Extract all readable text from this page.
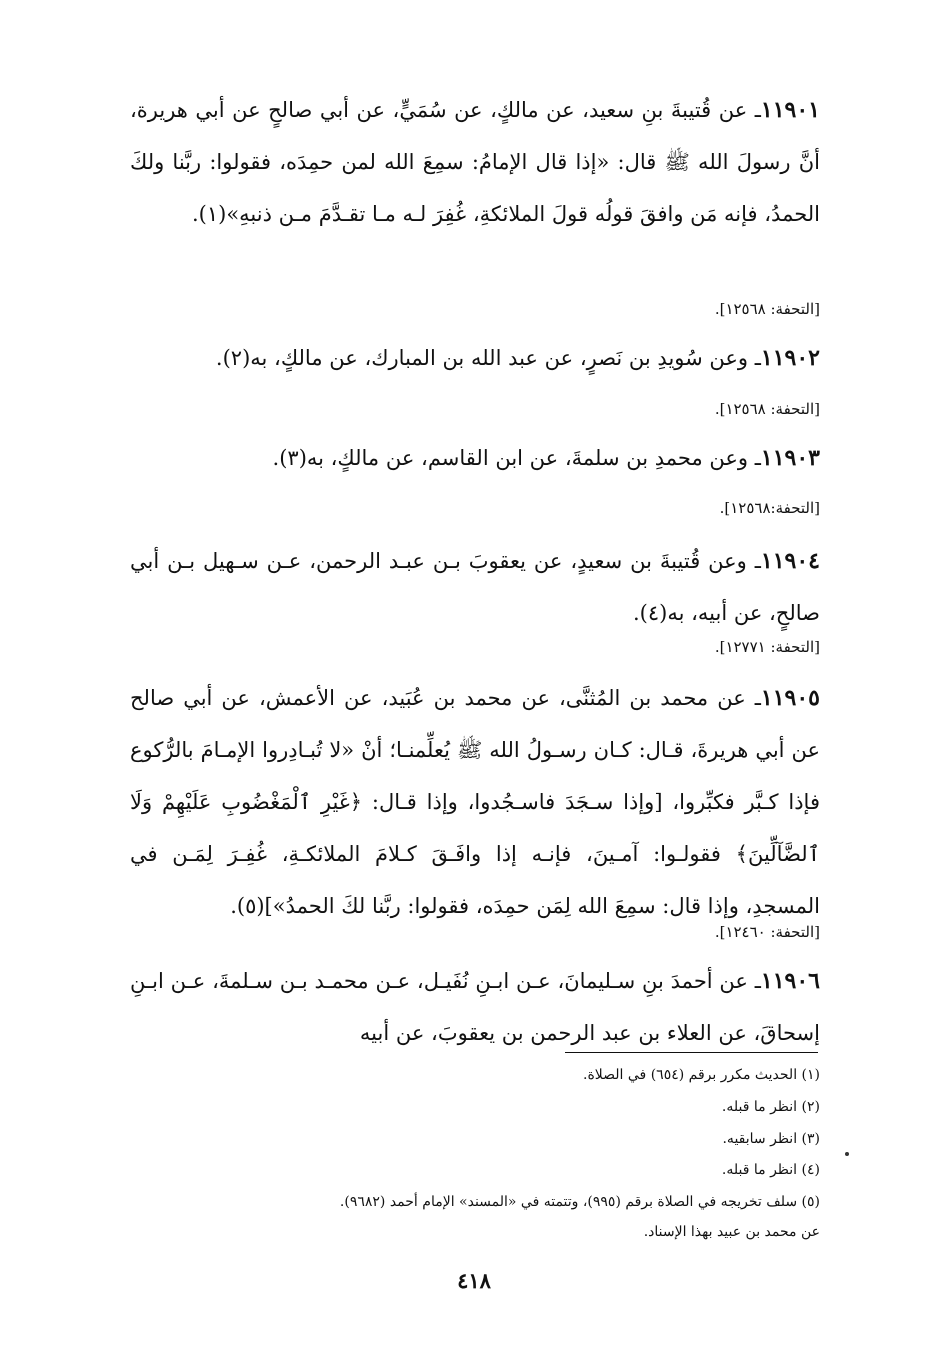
١١٩٠١ـ عن قُتيبةَ بنِ سعيد، عن مالكٍ، عن سُمَيٍّ، عن أبي صالحٍ عن أبي هريرة، أنَّ رسولَ الله ﷺ قال: «إذا قال الإمامُ: سمِعَ الله لمن حمِدَه، فقولوا: ربَّنا ولكَ الحمدُ، فإنه مَن وافقَ قولُه قولَ الملائكةِ، غُفِرَ لـه مـا تقـدَّمَ مـن ذنبهِ»(١).
[التحفة: ١٢٥٦٨].
١١٩٠٢ـ وعن سُويدِ بن نَصرٍ، عن عبد الله بن المبارك، عن مالكٍ، به(٢).
[التحفة: ١٢٥٦٨].
١١٩٠٣ـ وعن محمدِ بن سلمةَ، عن ابن القاسم، عن مالكٍ، به(٣).
[التحفة:١٢٥٦٨].
١١٩٠٤ـ وعن قُتيبةَ بن سعيدٍ، عن يعقوبَ بـن عبـد الرحمن، عـن سـهيل بـن أبي صالحٍ، عن أبيه، به(٤).
[التحفة: ١٢٧٧١].
١١٩٠٥ـ عن محمد بن المُثنَّى، عن محمد بن عُبَيد، عن الأعمش، عن أبي صالح عن أبي هريرةَ، قـال: كـان رسـولُ الله ﷺ يُعلِّمنـا؛ أنْ «لا تُبـادِروا الإمـامَ بالرُّكوع فإذا كـبَّر فكبِّروا، [وإذا سـجَدَ فاسـجُدوا، وإذا قـال: ﴿غَيْرِ ٱلْمَغْضُوبِ عَلَيْهِمْ وَلَا ٱلضَّآلِّينَ﴾ فقولـوا: آمـينَ، فإنـه إذا وافَـقَ كـلامَ الملائكـةِ، غُفِـرَ لِمَـن في المسجدِ، وإذا قال: سمِعَ الله لِمَن حمِدَه، فقولوا: ربَّنا لكَ الحمدُ»](٥).
[التحفة: ١٢٤٦٠].
١١٩٠٦ـ عن أحمدَ بنِ سـليمانَ، عـن ابـنِ نُفَيـل، عـن محمـد بـن سـلمةَ، عـن ابـنِ إسحاقَ، عن العلاء بن عبد الرحمن بن يعقوبَ، عن أبيه
(١) الحديث مكرر برقم (٦٥٤) في الصلاة.
(٢) انظر ما قبله.
(٣) انظر سابقيه.
(٤) انظر ما قبله.
(٥) سلف تخريجه في الصلاة برقم (٩٩٥)، وتتمته في «المسند» الإمام أحمد (٩٦٨٢).
عن محمد بن عبيد بهذا الإسناد.
٤١٨
